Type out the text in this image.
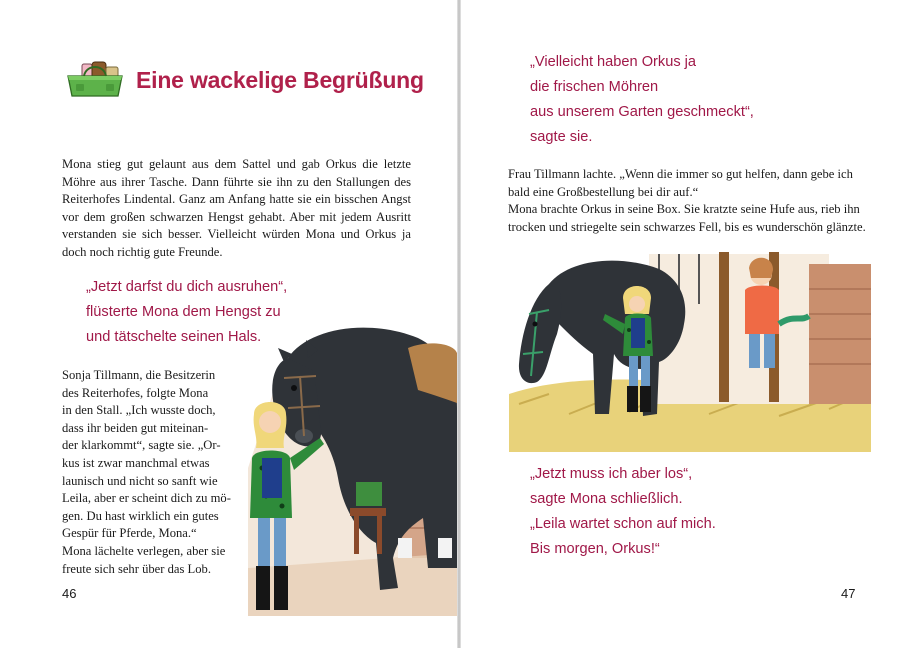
Eine wackelige Begrüßung

Mona stieg gut gelaunt aus dem Sattel und gab Orkus die letzte Möhre aus ihrer Tasche. Dann führte sie ihn zu den Stallungen des Reiterhofes Lindental. Ganz am Anfang hatte sie ein bisschen Angst vor dem großen schwarzen Hengst gehabt. Aber mit jedem Ausritt verstanden sie sich besser. Vielleicht würden Mona und Orkus ja doch noch richtig gute Freunde.

„Jetzt darfst du dich ausruhen“,
flüsterte Mona dem Hengst zu
und tätschelte seinen Hals.
Sonja Tillmann, die Besitzerin
des Reiterhofes, folgte Mona
in den Stall. „Ich wusste doch,
dass ihr beiden gut miteinan-
der klarkommt“, sagte sie. „Or-
kus ist zwar manchmal etwas
launisch und nicht so sanft wie
Leila, aber er scheint dich zu mö-
gen. Du hast wirklich ein gutes
Gespür für Pferde, Mona.“
Mona lächelte verlegen, aber sie
freute sich sehr über das Lob.
46
„Vielleicht haben Orkus ja
die frischen Möhren
aus unserem Garten geschmeckt“,
sagte sie.
Frau Tillmann lachte. „Wenn die immer so gut helfen, dann gebe ich
bald eine Großbestellung bei dir auf.“
Mona brachte Orkus in seine Box. Sie kratzte seine Hufe aus, rieb ihn
trocken und striegelte sein schwarzes Fell, bis es wunderschön glänzte.
„Jetzt muss ich aber los“,
sagte Mona schließlich.
„Leila wartet schon auf mich.
Bis morgen, Orkus!“
47
